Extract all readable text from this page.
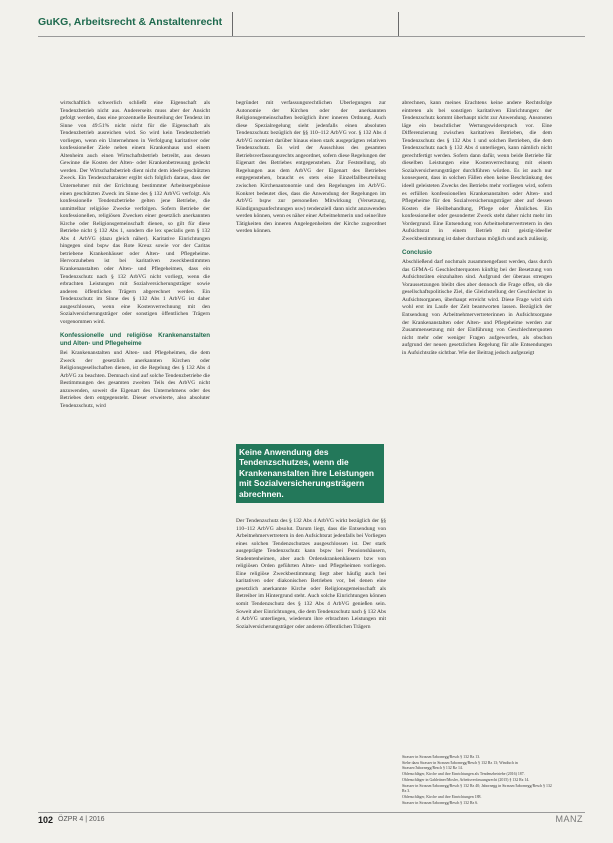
GuKG, Arbeitsrecht & Anstaltenrecht

wirtschaftlich schwerlich schließt eine Eigenschaft als Tendenzbetrieb nicht aus. Andererseits muss aber der Ansicht gefolgt werden, dass eine prozentuelle Beurteilung der Tendenz im Sinne von 49:51% nicht nicht für die Eigenschaft als Tendenzbetrieb ausreichen wird. So wird kein Tendenzbetrieb vorliegen, wenn ein Unternehmen in Verfolgung karitativer oder konfessioneller Ziele neben einem Krankenhaus und einem Altenheim auch einen Wirtschaftsbetrieb betreibt, aus dessen Gewinne die Kosten der Alten- oder Krankenbetreuung gedeckt werden. Der Wirtschaftsbetrieb dient nicht dem ideell-geschützten Zweck. Ein Tendenzcharakter ergibt sich folglich daraus, dass der Unternehmer mit der Errichtung bestimmter Arbeitsergebnisse einen geschützten Zweck im Sinne des § 132 ArbVG verfolgt. Als konfessionelle Tendenzbetriebe gelten jene Betriebe, die unmittelbar religiöse Zwecke verfolgen. Sofern Betriebe der konfessionellen, religiösen Zwecken einer gesetzlich anerkannten Kirche oder Religionsgemeinschaft dienen, so gilt für diese Betriebe nicht § 132 Abs 1, sondern die lex specialis gem § 132 Abs 4 ArbVG (dazu gleich näher). Karitative Einrichtungen hingegen sind bspw das Rote Kreuz sowie vor der Caritas betriebene Krankenhäuser oder Alten- und Pflegeheime. Hervorzuheben ist bei karitativen zweckbestimmten Krankenanstalten oder Alten- und Pflegeheimen, dass ein Tendenzschutz nach § 132 ArbVG nicht vorliegt, wenn die erbrachten Leistungen mit Sozialversicherungsträger sowie anderen öffentlichen Trägern abgerechnet werden. Ein Tendenzschutz im Sinne des § 132 Abs 1 ArbVG ist daher ausgeschlossen, wenn eine Kostenverrechnung mit den Sozialversicherungsträger oder sonstigen öffentlichen Trägern vorgenommen wird.

Konfessionelle und religiöse Krankenanstalten und Alten- und Pflegeheime

Bei Krankenanstalten und Alten- und Pflegeheimen, die dem Zweck der gesetzlich anerkannten Kirchen oder Religionsgesellschaften dienen, ist die Regelung des § 132 Abs 4 ArbVG zu beachten. Demnach sind auf solche Tendenzbetriebe die Bestimmungen des gesamten zweiten Teils des ArbVG nicht anzuwenden, soweit die Eigenart des Unternehmens oder des Betriebes dem entgegensteht. Dieser erweiterte, also absoluter Tendenzschutz, wird

begründet mit verfassungsrechtlichen Überlegungen zur Autonomie der Kirchen oder der anerkannten Religionsgemeinschaften bezüglich ihrer inneren Ordnung. Auch diese Spezialregelung sieht jedenfalls einen absoluten Tendenzschutz bezüglich der §§ 110–112 ArbVG vor. § 132 Abs 4 ArbVG normiert darüber hinaus einen stark ausgeprägten relativen Tendenzschutz. Es wird der Ausschluss des gesamten Betriebsverfassungsrechts angeordnet, sofern diese Regelungen der Eigenart des Betriebes entgegenstehen. Zur Feststellung, ob Regelungen aus dem ArbVG der Eigenart des Betriebes entgegenstehen, braucht es stets eine Einzelfallbeurteilung zwischen Kirchenautonomie und den Regelungen im ArbVG. Konkret bedeutet dies, dass die Anwendung der Regelungen im ArbVG bspw zur personellen Mitwirkung (Versetzung, Kündigungsanfechtungen usw) tendenziell dann nicht anzuwenden werden können, wenn es näher einer Arbeitnehmerin und seine/ihre Tätigkeiten den inneren Angelegenheiten der Kirche zugeordnet werden können.

Keine Anwendung des Tendenzschutzes, wenn die Krankenanstalten ihre Leistungen mit Sozialversicherungsträgern abrechnen.

Der Tendenzschutz des § 132 Abs 4 ArbVG wirkt bezüglich der §§ 110–112 ArbVG absolut. Darum liegt, dass die Entsendung von Arbeitnehmervertretern in den Aufsichtsrat jedenfalls bei Vorliegen eines solchen Tendenzschutzes ausgeschlossen ist. Der stark ausgeprägte Tendenzschutz kann bspw bei Pensionshäusern, Studentenheimen, aber auch Ordenskrankenhäusern bzw von religiösen Orden geführten Alten- und Pflegeheimen vorliegen. Eine religiöse Zweckbestimmung liegt aber häufig auch bei karitativen oder diakonischen Betrieben vor, bei denen eine gesetzlich anerkannte Kirche oder Religionsgemeinschaft als Betreiber im Hintergrund steht. Auch solche Einrichtungen können somit Tendenzschutz des § 132 Abs 4 ArbVG genießen sein. Soweit aber Einrichtungen, die dem Tendenzschutz nach § 132 Abs 4 ArbVG unterliegen, wiederum ihre erbrachten Leistungen mit Sozialversicherungsträger oder anderen öffentlichen Trägern

abrechnen, kann meines Erachtens keine andere Rechtsfolge eintreten als bei sonstigen karitativen Einrichtungen: der Tendenzschutz kommt überhaupt nicht zur Anwendung. Ansonsten läge ein beachtlicher Wertungswiderspruch vor. Eine Differenzierung zwischen karitativen Betrieben, die dem Tendenzschutz des § 132 Abs 1 und solchen Betrieben, die dem Tendenzschutz nach § 132 Abs 4 unterliegen, kann nämlich nicht gerechtfertigt werden. Sofern dann dafür, wenn beide Betriebe für dieselben Leistungen eine Kostenverrechnung mit einem Sozialversicherungsträger durchführen würden. Es ist auch nur konsequent, dass in solchen Fällen eben keine Beschränkung des ideell geleisteten Zwecks des Betriebs mehr vorliegen wird, sofern es erfüllen konfessionellen Krankenanstalten oder Alten- und Pflegeheime für den Sozialversicherungsträger aber auf dessen Kosten die Heilbehandlung, Pflege oder Ähnliches. Ein konfessioneller oder gesonderter Zweck steht daher nicht mehr im Vordergrund. Eine Entsendung von Arbeitnehmervertretern in den Aufsichtsrat in einem Betrieb mit geistig-ideeller Zweckbestimmung ist daher durchaus möglich und auch zulässig.

Conclusio

Abschließend darf nochmals zusammengefasst werden, dass durch das GFMA-G Geschlechterquoten künftig bei der Besetzung von Aufsichtsräten einzuhalten sind. Aufgrund der überaus strengen Voraussetzungen bleibt dies aber dennoch die Frage offen, ob die gesellschaftspolitische Ziel, die Gleichstellung der Geschlechter in Aufsichtsorganen, überhaupt erreicht wird. Diese Frage wird sich wohl erst im Laufe der Zeit beantworten lassen. Bezüglich der Entsendung von Arbeitnehmervertreterinnen in Aufsichtsorgane der Krankenanstalten oder Alten- und Pflegeheime werden zur Zusammensetzung mit der Einführung von Geschlechterquoten nicht mehr oder weniger Fragen aufgeworfen, als obschon aufgrund der neuen gesetzlichen Regelung für alle Entsendungen in Aufsichtsräte sichtbar. Wie der Beitrag jedoch aufgezeigt

Strasser in Strasser/Jabornegg/Resch § 132 Rz 13.
Siehe dazu Strasser in Strasser/Jabornegg/Resch § 132 Rz 13; Windisch in Strasser/Jabornegg/Resch § 132 Rz 14.
Ohlenschläger, Kirche und ihre Einrichtungen als Tendenzbetriebe (2016) 187.
Ohlenschläger in Gahleitner/Mosler, Arbeitsverfassungsrecht (2015) § 132 Rz 14.
Strasser in Strasser/Jabornegg/Resch § 132 Rz 40; Jabornegg in Strasser/Jabornegg/Resch § 132 Rz 3.
Ohlenschläger, Kirche und ihre Einrichtungen 188.
Strasser in Strasser/Jabornegg/Resch § 132 Rz 6.
102 ÖZPR 4 | 2016	MANZ
